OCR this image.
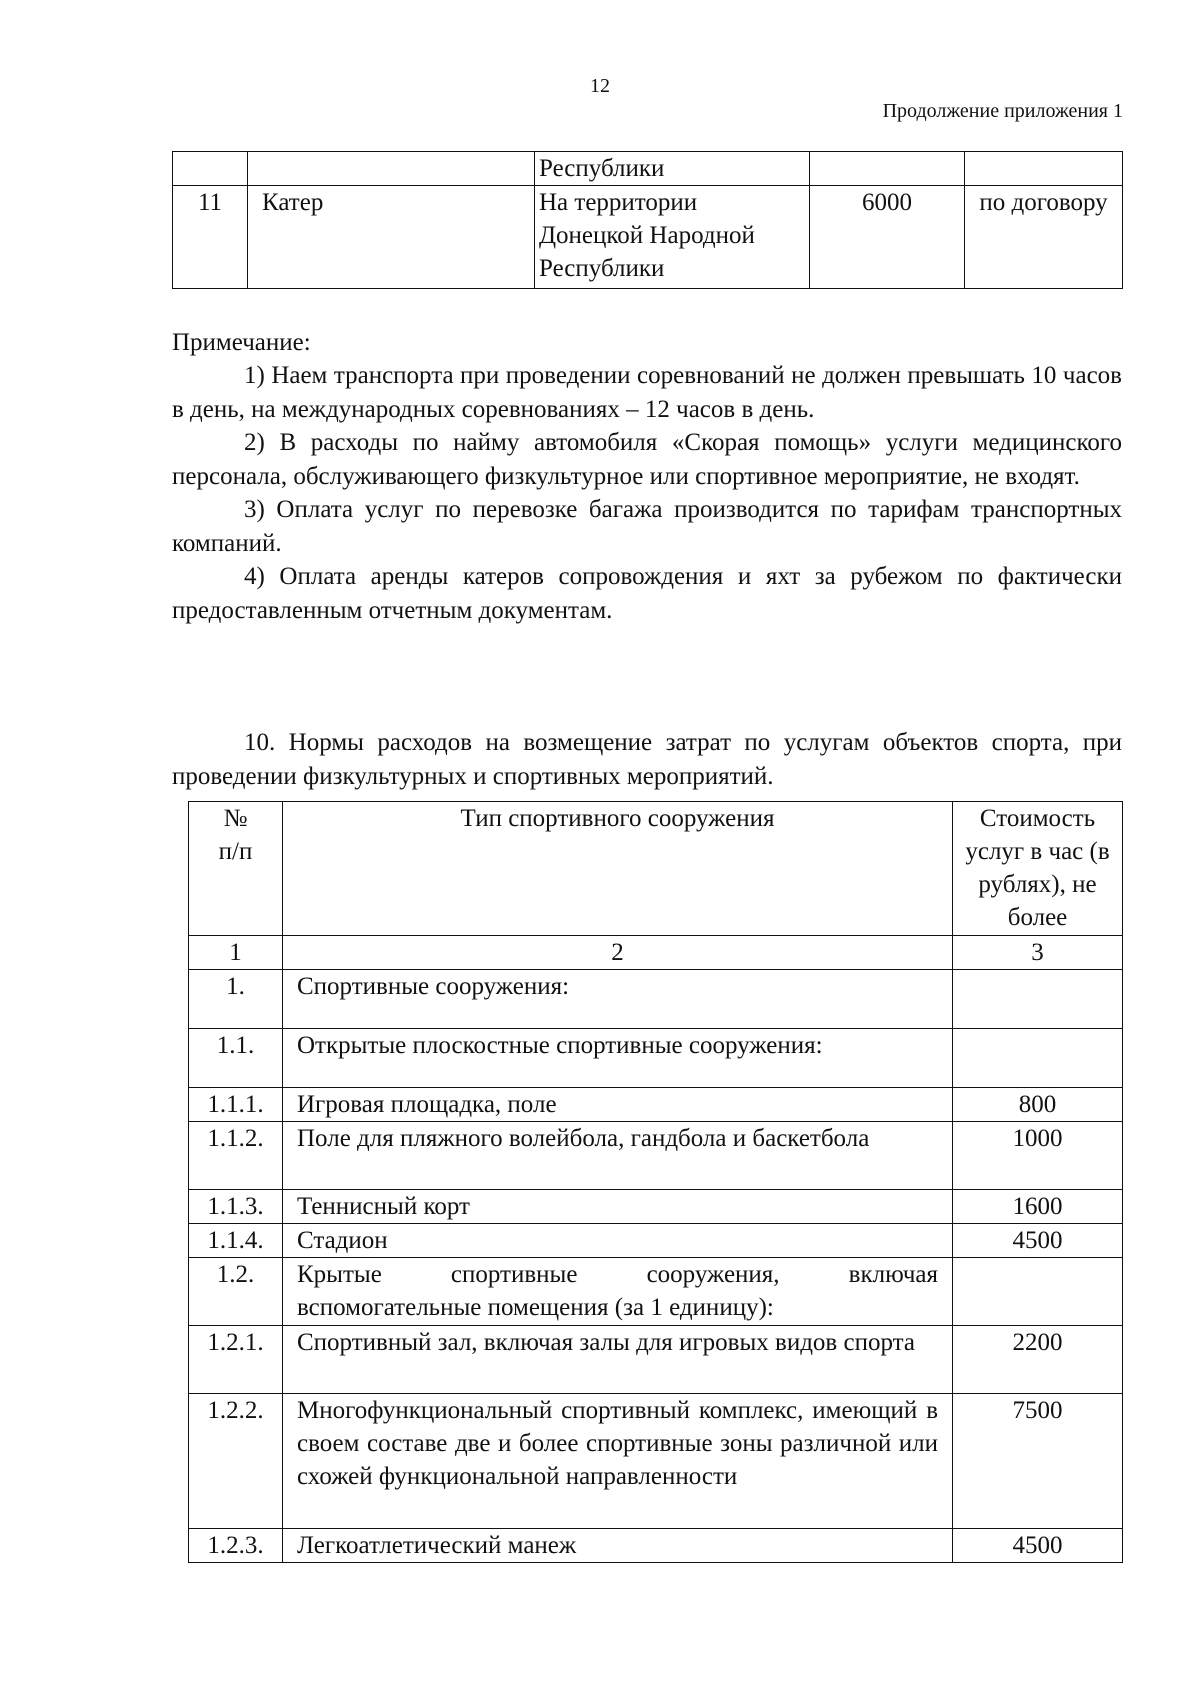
12
Продолжение приложения 1
		Республики		
11	Катер	На территории Донецкой Народной Республики	6000	по договору
Примечание:

1) Наем транспорта при проведении соревнований не должен превышать 10 часов в день, на международных соревнованиях – 12 часов в день.

2) В расходы по найму автомобиля «Скорая помощь» услуги медицинского персонала, обслуживающего физкультурное или спортивное мероприятие, не входят.

3) Оплата услуг по перевозке багажа производится по тарифам транспортных компаний.

4) Оплата аренды катеров сопровождения и яхт за рубежом по фактически предоставленным отчетным документам.

10. Нормы расходов на возмещение затрат по услугам объектов спорта, при проведении физкультурных и спортивных мероприятий.

№ п/п	Тип спортивного сооружения	Стоимость услуг в час (в рублях), не более
1	2	3
1.	Спортивные сооружения:	
1.1.	Открытые плоскостные спортивные сооружения:	
1.1.1.	Игровая площадка, поле	800
1.1.2.	Поле для пляжного волейбола, гандбола и баскетбола	1000
1.1.3.	Теннисный корт	1600
1.1.4.	Стадион	4500
1.2.	Крытые спортивные сооружения, включая вспомогательные помещения (за 1 единицу):	
1.2.1.	Спортивный зал, включая залы для игровых видов спорта	2200
1.2.2.	Многофункциональный спортивный комплекс, имеющий в своем составе две и более спортивные зоны различной или схожей функциональной направленности	7500
1.2.3.	Легкоатлетический манеж	4500
